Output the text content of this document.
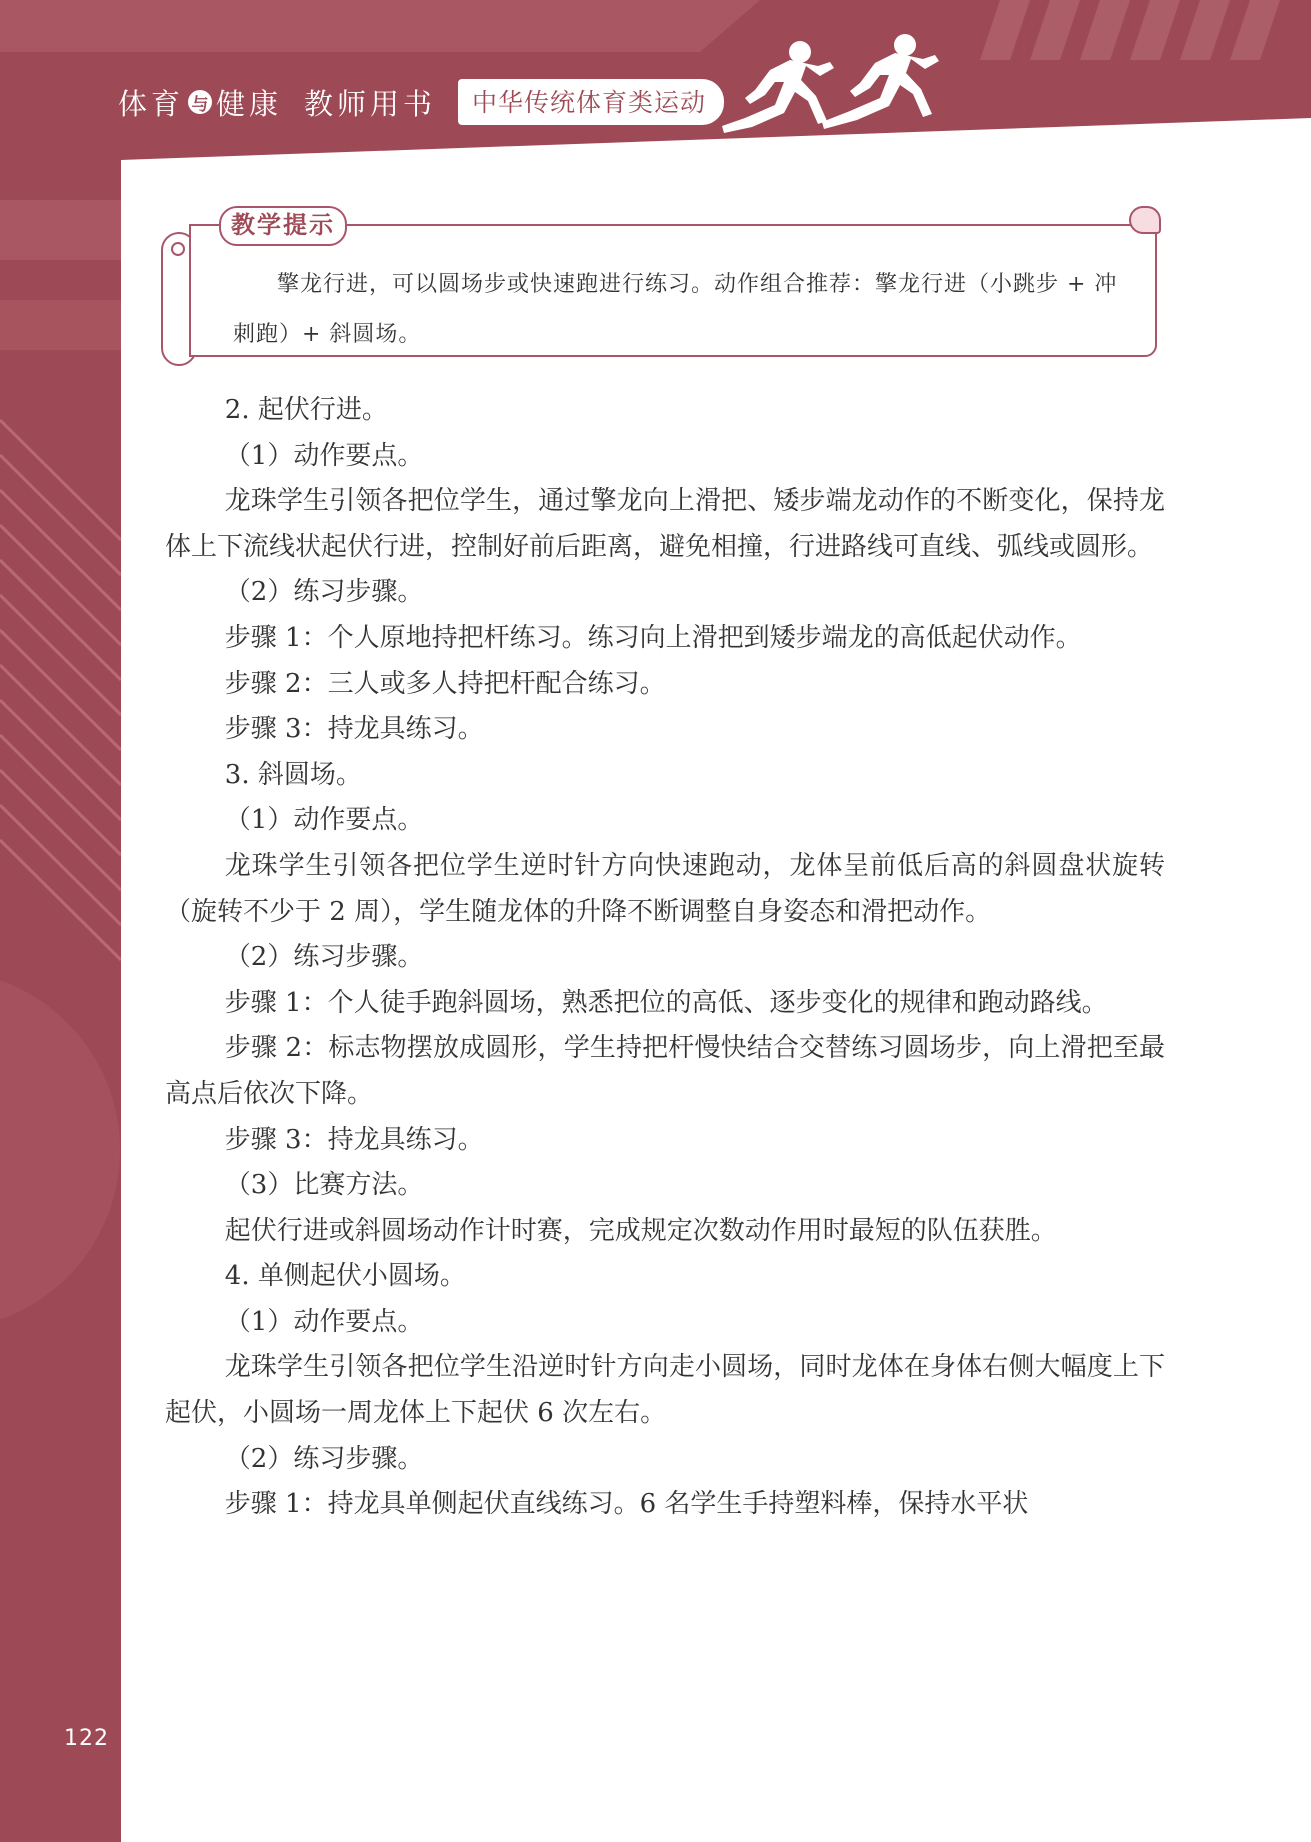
体育 与 健康 教师用书	中华传统体育类运动
教学提示
擎龙行进，可以圆场步或快速跑进行练习。动作组合推荐：擎龙行进（小跳步 + 冲刺跑）+ 斜圆场。

2. 起伏行进。

（1）动作要点。

龙珠学生引领各把位学生，通过擎龙向上滑把、矮步端龙动作的不断变化，保持龙体上下流线状起伏行进，控制好前后距离，避免相撞，行进路线可直线、弧线或圆形。

（2）练习步骤。

步骤 1：个人原地持把杆练习。练习向上滑把到矮步端龙的高低起伏动作。

步骤 2：三人或多人持把杆配合练习。

步骤 3：持龙具练习。

3. 斜圆场。

（1）动作要点。

龙珠学生引领各把位学生逆时针方向快速跑动，龙体呈前低后高的斜圆盘状旋转（旋转不少于 2 周），学生随龙体的升降不断调整自身姿态和滑把动作。

（2）练习步骤。

步骤 1：个人徒手跑斜圆场，熟悉把位的高低、逐步变化的规律和跑动路线。

步骤 2：标志物摆放成圆形，学生持把杆慢快结合交替练习圆场步，向上滑把至最高点后依次下降。

步骤 3：持龙具练习。

（3）比赛方法。

起伏行进或斜圆场动作计时赛，完成规定次数动作用时最短的队伍获胜。

4. 单侧起伏小圆场。

（1）动作要点。

龙珠学生引领各把位学生沿逆时针方向走小圆场，同时龙体在身体右侧大幅度上下起伏，小圆场一周龙体上下起伏 6 次左右。

（2）练习步骤。

步骤 1：持龙具单侧起伏直线练习。6 名学生手持塑料棒，保持水平状

122
